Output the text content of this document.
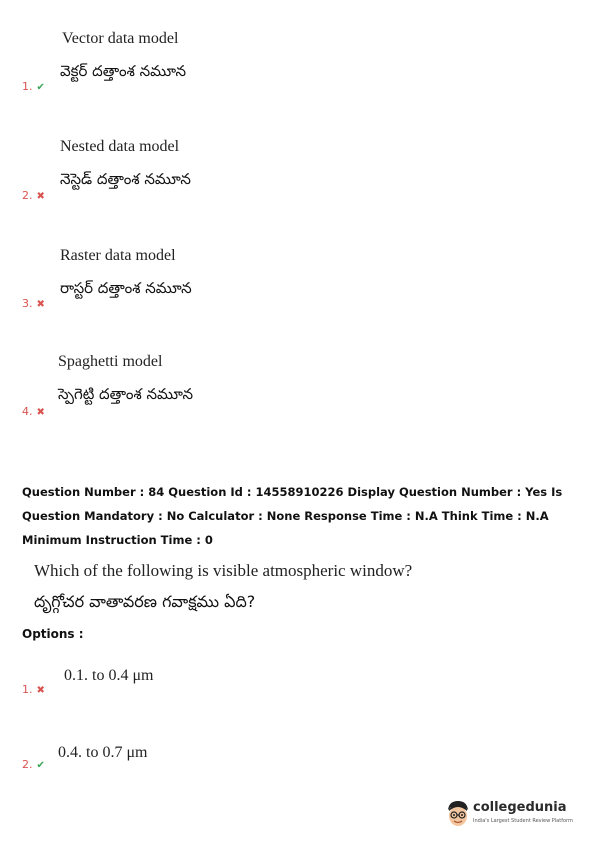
Vector data model
వెక్టర్ దత్తాంశ నమూన
1. ✔
Nested data model
నెస్టెడ్ దత్తాంశ నమూన
2. ✖
Raster data model
రాస్టర్ దత్తాంశ నమూన
3. ✖
Spaghetti model
స్పెగెట్టి దత్తాంశ నమూన
4. ✖
Question Number : 84 Question Id : 14558910226 Display Question Number : Yes Is Question Mandatory : No Calculator : None Response Time : N.A Think Time : N.A Minimum Instruction Time : 0
Which of the following is visible atmospheric window?
దృగ్గోచర వాతావరణ గవాక్షము ఏది?
Options :
0.1. to 0.4 μm
1. ✖
0.4. to 0.7 μm
2. ✔
collegedunia
India's Largest Student Review Platform
